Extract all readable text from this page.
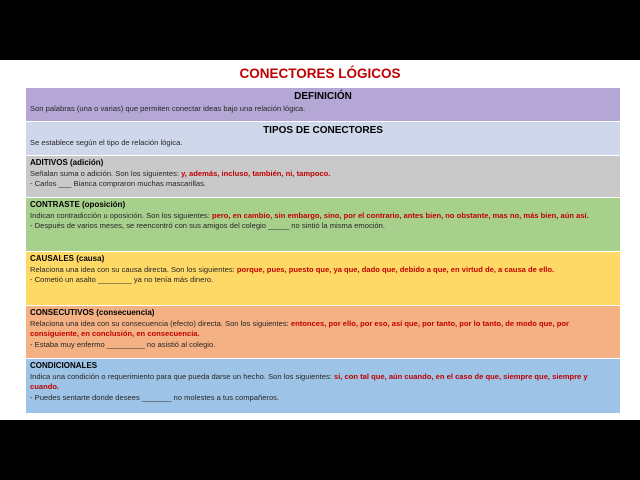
CONECTORES LÓGICOS
DEFINICIÓN
Son palabras (una o varias) que permiten conectar ideas bajo una relación lógica.
TIPOS DE CONECTORES
Se establece según el tipo de relación lógica.
ADITIVOS (adición)
Señalan suma o adición. Son los siguientes: y, además, incluso, también, ni, tampoco.
- Carlos ___ Bianca compraron muchas mascarillas.
CONTRASTE (oposición)
Indican contradicción u oposición. Son los siguientes: pero, en cambio, sin embargo, sino, por el contrario, antes bien, no obstante, mas no, más bien, aún así.
- Después de varios meses, se reencontró con sus amigos del colegio _____ no sintió la misma emoción.
CAUSALES (causa)
Relaciona una idea con su causa directa. Son los siguientes: porque, pues, puesto que, ya que, dado que, debido a que, en virtud de, a causa de ello.
- Cometió un asalto ________ ya no tenía más dinero.
CONSECUTIVOS (consecuencia)
Relaciona una idea con su consecuencia (efecto) directa. Son los siguientes: entonces, por ello, por eso, así que, por tanto, por lo tanto, de modo que, por consiguiente, en conclusión, en consecuencia.
- Estaba muy enfermo _________ no asistió al colegio.
CONDICIONALES
Indica una condición o requerimiento para que pueda darse un hecho. Son los siguientes: si, con tal que, aún cuando, en el caso de que, siempre que, siempre y cuando.
- Puedes sentarte donde desees _______ no molestes a tus compañeros.
